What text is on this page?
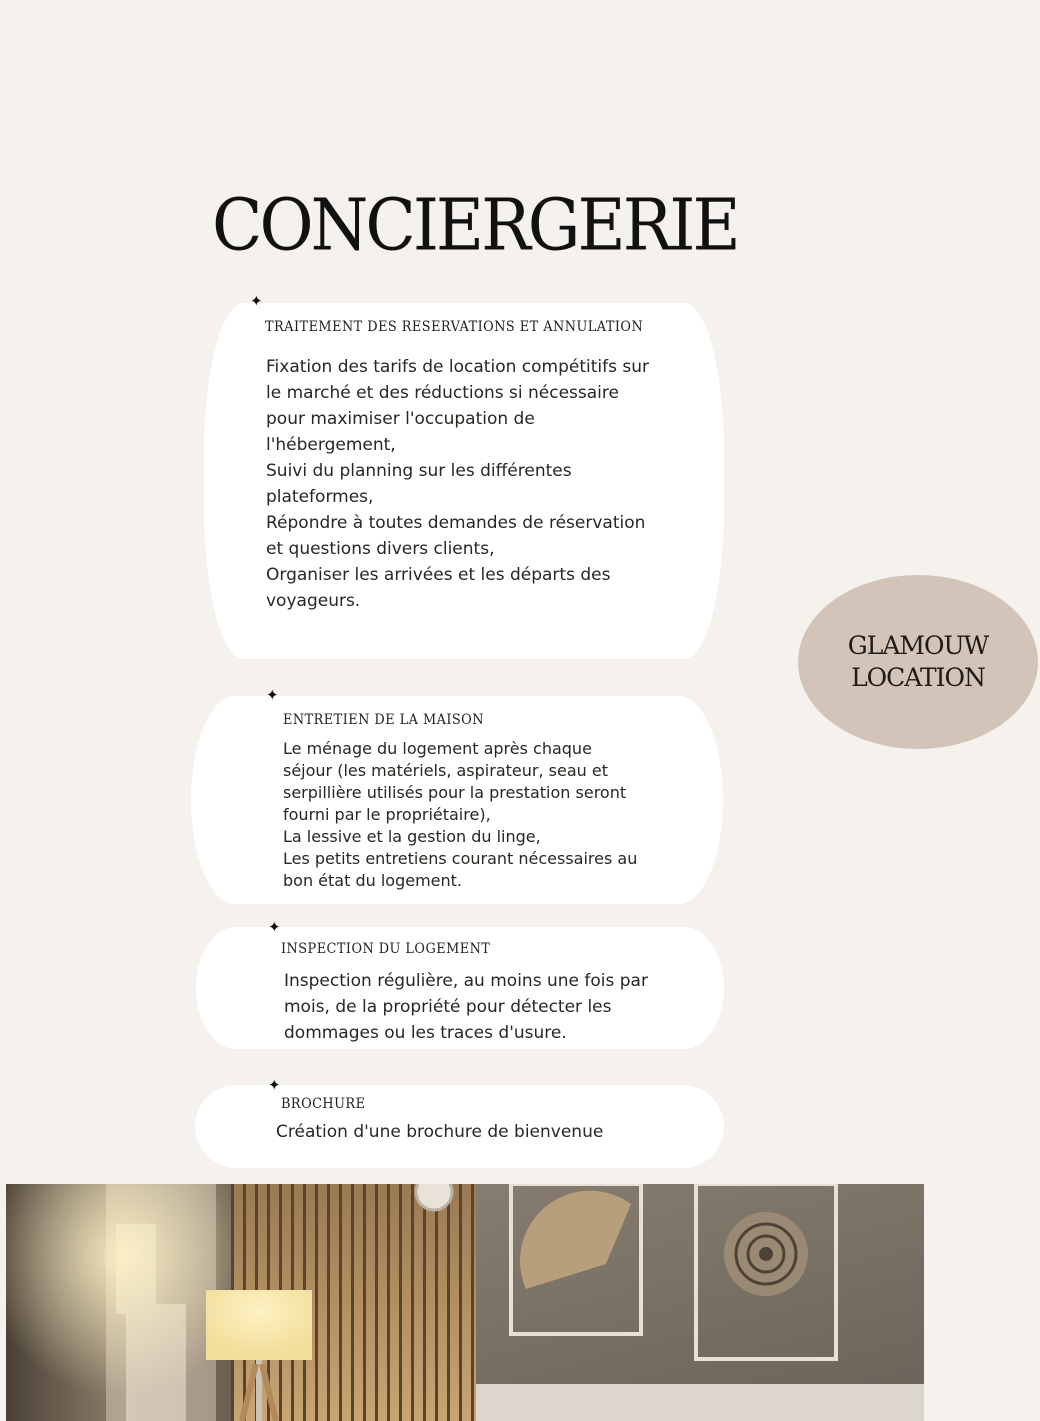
CONCIERGERIE
✦
TRAITEMENT DES RESERVATIONS ET ANNULATION
Fixation des tarifs de location compétitifs sur
le marché et des réductions si nécessaire
pour maximiser l'occupation de
l'hébergement,
Suivi du planning sur les différentes
plateformes,
Répondre à toutes demandes de réservation
et questions divers clients,
Organiser les arrivées et les départs des
voyageurs.
✦
ENTRETIEN DE LA MAISON
Le ménage du logement après chaque
séjour (les matériels, aspirateur, seau et
serpillière utilisés pour la prestation seront
fourni par le propriétaire),
La lessive et la gestion du linge,
Les petits entretiens courant nécessaires au
bon état du logement.
✦
INSPECTION DU LOGEMENT
Inspection régulière, au moins une fois par
mois, de la propriété pour détecter les
dommages ou les traces d'usure.
✦
BROCHURE
Création d'une brochure de bienvenue
GLAMOUW
LOCATION
